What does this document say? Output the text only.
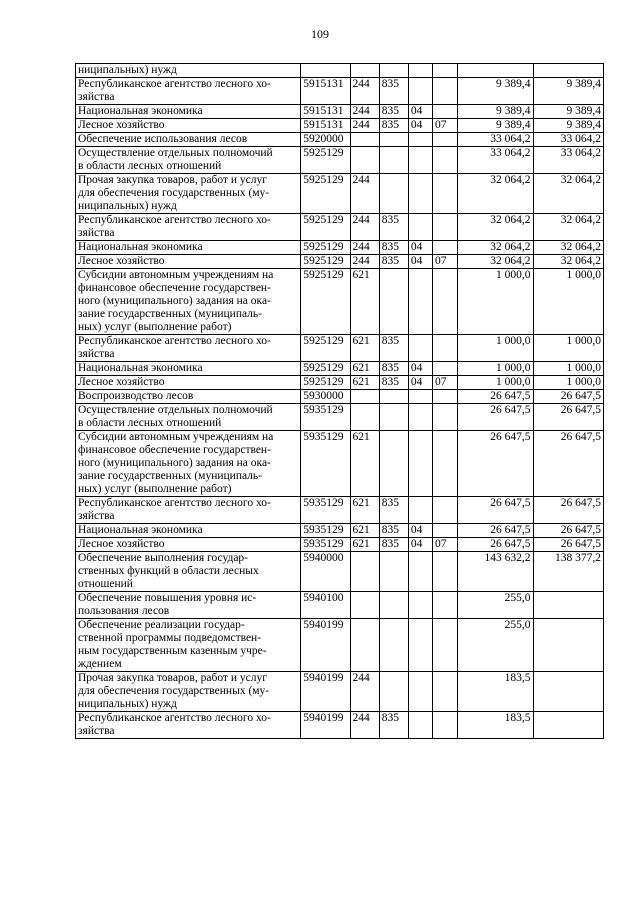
109
ниципальных) нужд							
Республиканское агентство лесного хо-
зяйства	5915131	244	835			9 389,4	9 389,4
Национальная экономика	5915131	244	835	04		9 389,4	9 389,4
Лесное хозяйство	5915131	244	835	04	07	9 389,4	9 389,4
Обеспечение использования лесов	5920000					33 064,2	33 064,2
Осуществление отдельных полномочий
в области лесных отношений	5925129					33 064,2	33 064,2
Прочая закупка товаров, работ и услуг
для обеспечения государственных (му-
ниципальных) нужд	5925129	244				32 064,2	32 064,2
Республиканское агентство лесного хо-
зяйства	5925129	244	835			32 064,2	32 064,2
Национальная экономика	5925129	244	835	04		32 064,2	32 064,2
Лесное хозяйство	5925129	244	835	04	07	32 064,2	32 064,2
Субсидии автономным учреждениям на
финансовое обеспечение государствен-
ного (муниципального) задания на ока-
зание государственных (муниципаль-
ных) услуг (выполнение работ)	5925129	621				1 000,0	1 000,0
Республиканское агентство лесного хо-
зяйства	5925129	621	835			1 000,0	1 000,0
Национальная экономика	5925129	621	835	04		1 000,0	1 000,0
Лесное хозяйство	5925129	621	835	04	07	1 000,0	1 000,0
Воспроизводство лесов	5930000					26 647,5	26 647,5
Осуществление отдельных полномочий
в области лесных отношений	5935129					26 647,5	26 647,5
Субсидии автономным учреждениям на
финансовое обеспечение государствен-
ного (муниципального) задания на ока-
зание государственных (муниципаль-
ных) услуг (выполнение работ)	5935129	621				26 647,5	26 647,5
Республиканское агентство лесного хо-
зяйства	5935129	621	835			26 647,5	26 647,5
Национальная экономика	5935129	621	835	04		26 647,5	26 647,5
Лесное хозяйство	5935129	621	835	04	07	26 647,5	26 647,5
Обеспечение выполнения государ-
ственных функций в области лесных
отношений	5940000					143 632,2	138 377,2
Обеспечение повышения уровня ис-
пользования лесов	5940100					255,0	
Обеспечение реализации государ-
ственной программы подведомствен-
ным государственным казенным учре-
ждением	5940199					255,0	
Прочая закупка товаров, работ и услуг
для обеспечения государственных (му-
ниципальных) нужд	5940199	244				183,5	
Республиканское агентство лесного хо-
зяйства	5940199	244	835			183,5	
